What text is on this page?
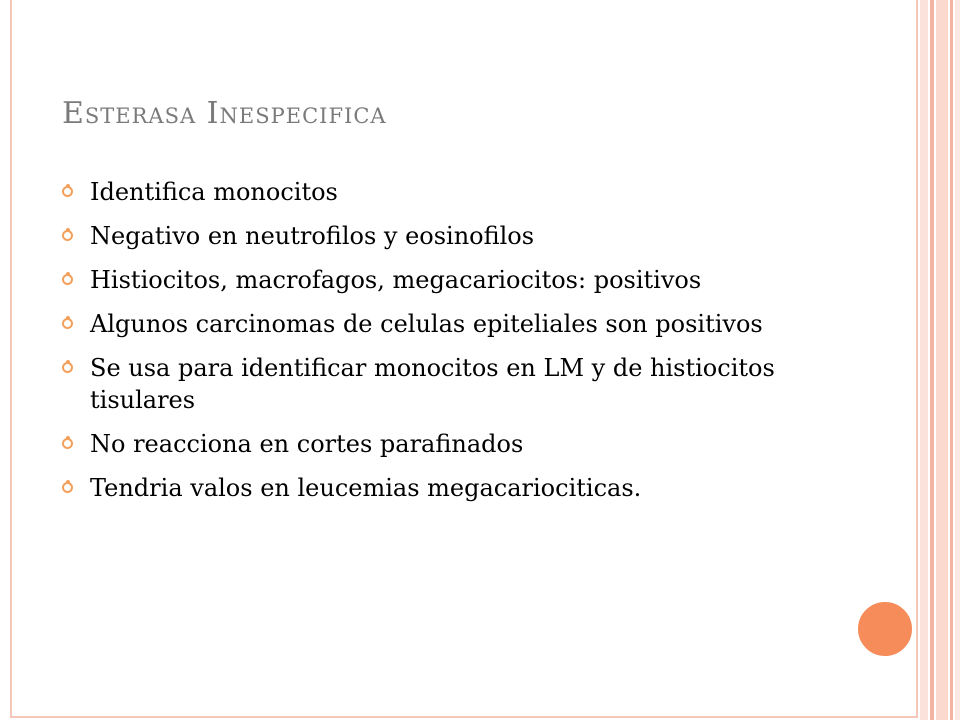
Esterasa Inespecifica
Identifica monocitos
Negativo en neutrofilos y eosinofilos
Histiocitos, macrofagos, megacariocitos: positivos
Algunos carcinomas de celulas epiteliales son positivos
Se usa para identificar monocitos en LM y de histiocitos tisulares
No reacciona en cortes parafinados
Tendria valos en leucemias megacariociticas.
